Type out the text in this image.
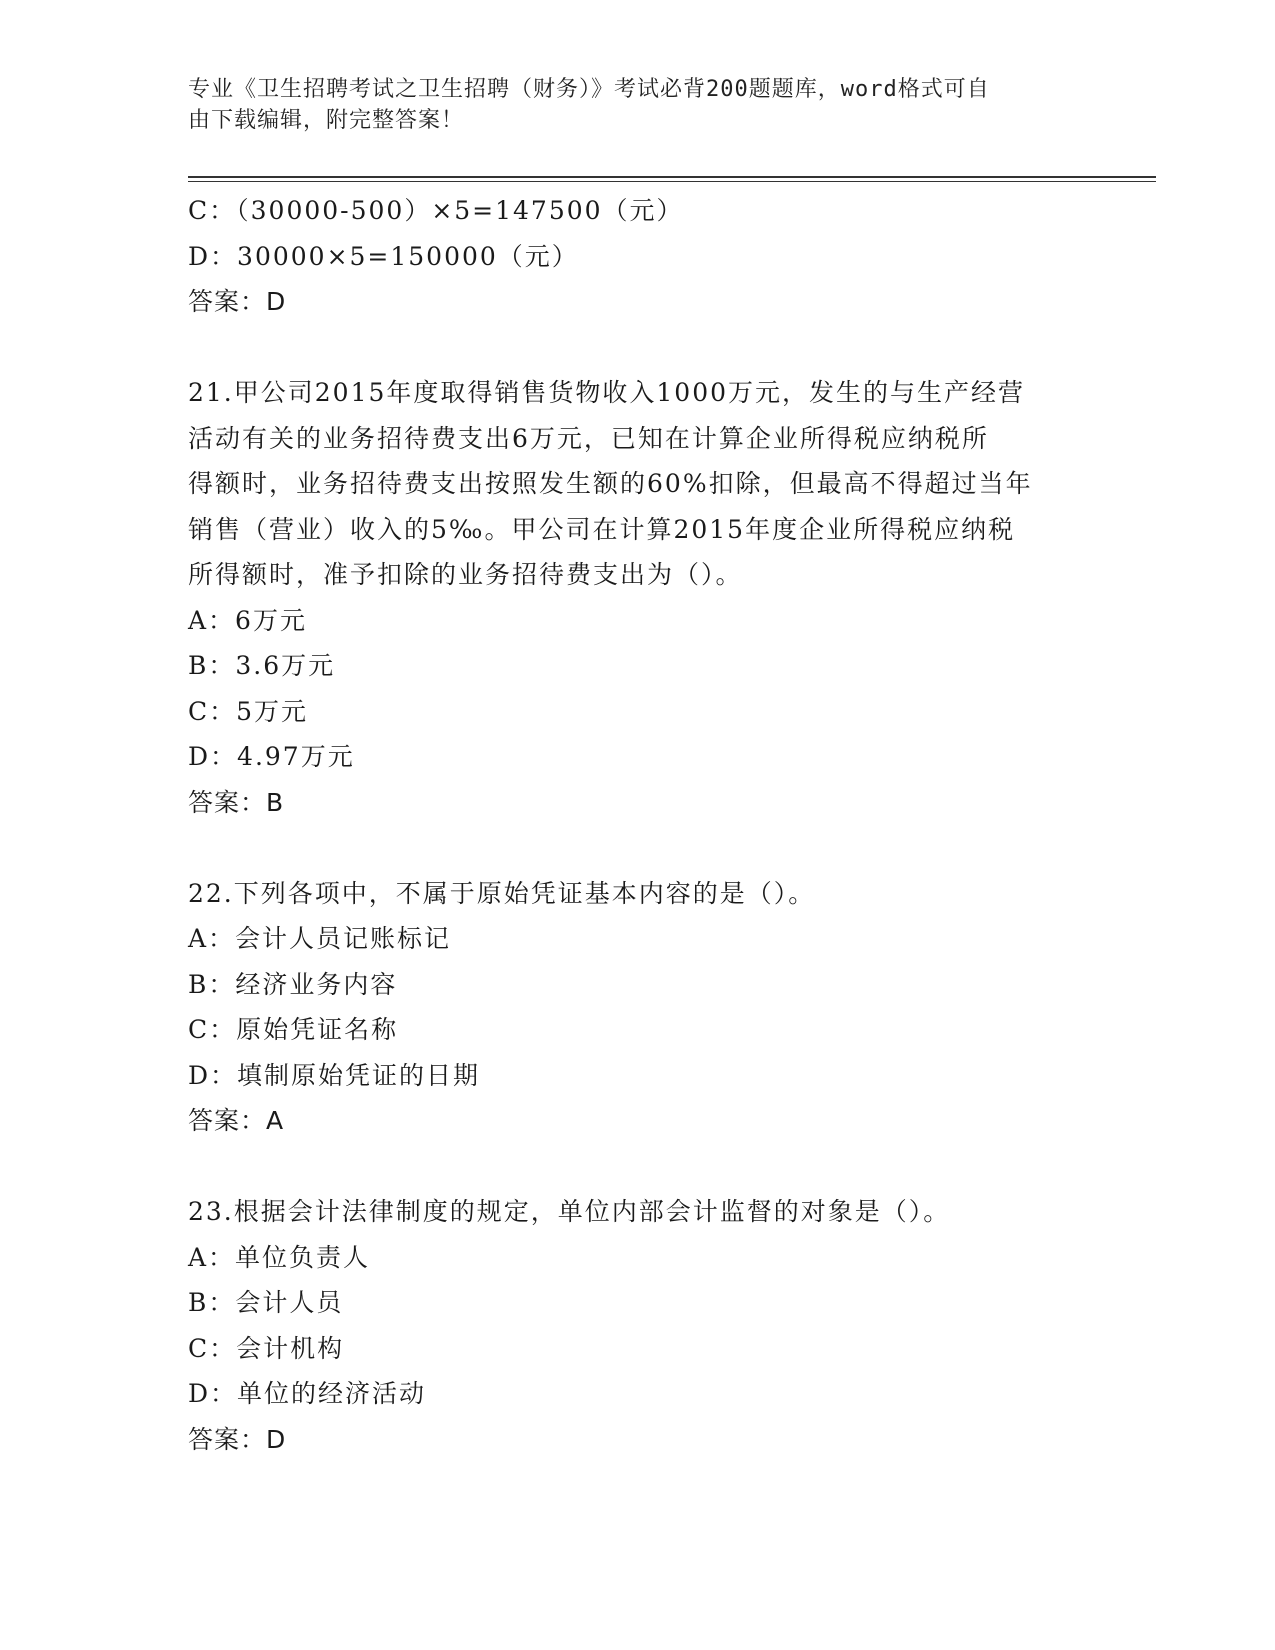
专业《卫生招聘考试之卫生招聘（财务）》考试必背200题题库，word格式可自
由下载编辑，附完整答案！
C：（30000-500）×5=147500（元）
D：30000×5=150000（元）
答案：D
21.甲公司2015年度取得销售货物收入1000万元，发生的与生产经营
活动有关的业务招待费支出6万元，已知在计算企业所得税应纳税所
得额时，业务招待费支出按照发生额的60%扣除，但最高不得超过当年
销售（营业）收入的5‰。甲公司在计算2015年度企业所得税应纳税
所得额时，准予扣除的业务招待费支出为（）。
A：6万元
B：3.6万元
C：5万元
D：4.97万元
答案：B
22.下列各项中，不属于原始凭证基本内容的是（）。
A：会计人员记账标记
B：经济业务内容
C：原始凭证名称
D：填制原始凭证的日期
答案：A
23.根据会计法律制度的规定，单位内部会计监督的对象是（）。
A：单位负责人
B：会计人员
C：会计机构
D：单位的经济活动
答案：D
